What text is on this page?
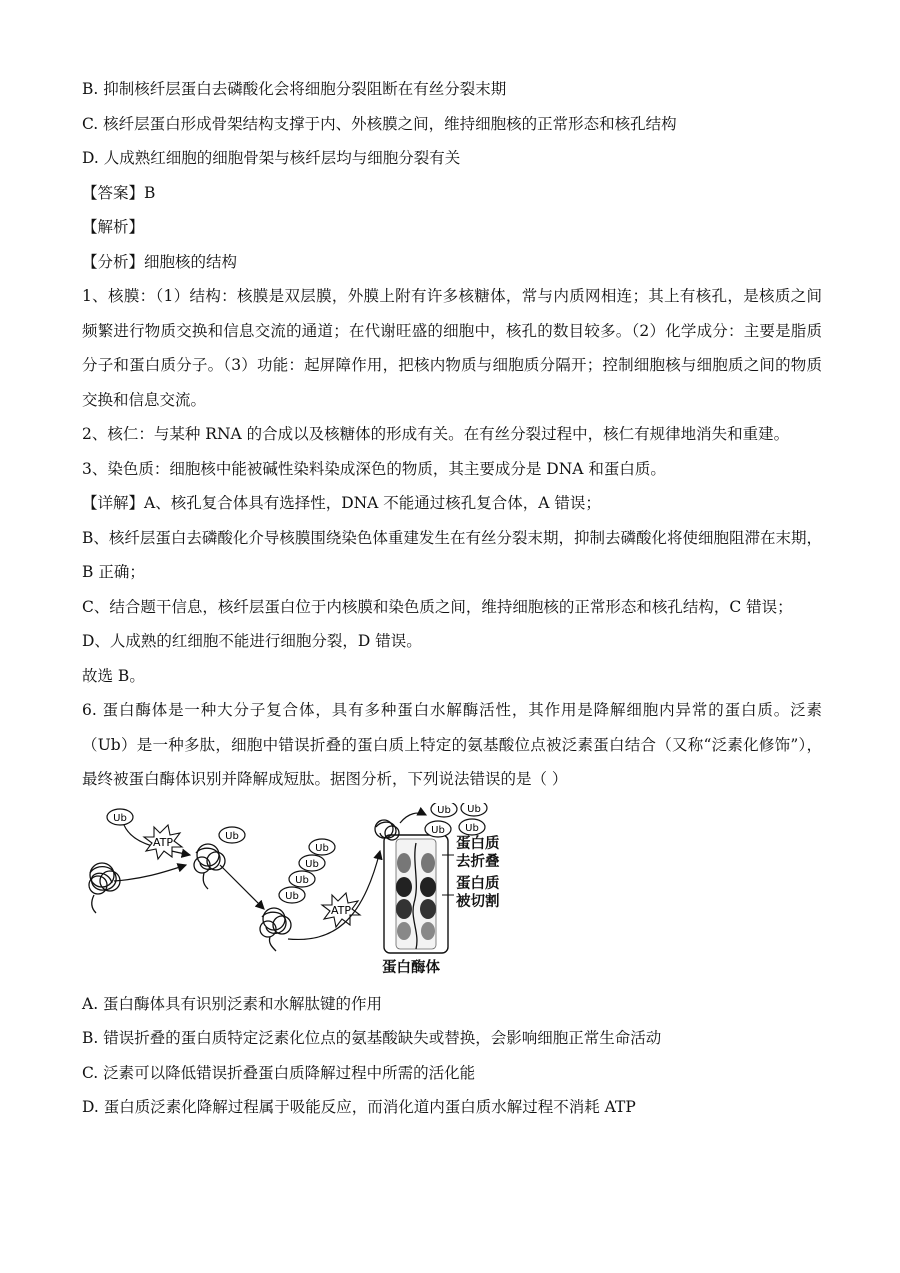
B. 抑制核纤层蛋白去磷酸化会将细胞分裂阻断在有丝分裂末期
C. 核纤层蛋白形成骨架结构支撑于内、外核膜之间，维持细胞核的正常形态和核孔结构
D. 人成熟红细胞的细胞骨架与核纤层均与细胞分裂有关
【答案】B
【解析】
【分析】细胞核的结构
1、核膜：（1）结构：核膜是双层膜，外膜上附有许多核糖体，常与内质网相连；其上有核孔，是核质之间频繁进行物质交换和信息交流的通道；在代谢旺盛的细胞中，核孔的数目较多。（2）化学成分：主要是脂质分子和蛋白质分子。（3）功能：起屏障作用，把核内物质与细胞质分隔开；控制细胞核与细胞质之间的物质交换和信息交流。
2、核仁：与某种 RNA 的合成以及核糖体的形成有关。在有丝分裂过程中，核仁有规律地消失和重建。
3、染色质：细胞核中能被碱性染料染成深色的物质，其主要成分是 DNA 和蛋白质。
【详解】A、核孔复合体具有选择性，DNA 不能通过核孔复合体，A 错误；
B、核纤层蛋白去磷酸化介导核膜围绕染色体重建发生在有丝分裂末期，抑制去磷酸化将使细胞阻滞在末期，B 正确；
C、结合题干信息，核纤层蛋白位于内核膜和染色质之间，维持细胞核的正常形态和核孔结构，C 错误；
D、人成熟的红细胞不能进行细胞分裂，D 错误。
故选 B。
6. 蛋白酶体是一种大分子复合体，具有多种蛋白水解酶活性，其作用是降解细胞内异常的蛋白质。泛素（Ub）是一种多肽，细胞中错误折叠的蛋白质上特定的氨基酸位点被泛素蛋白结合（又称“泛素化修饰”），最终被蛋白酶体识别并降解成短肽。据图分析，下列说法错误的是（ ）
Ub
ATP	Ub
Ub
Ub
Ub
Ub
ATP
Ub Ub
Ub Ub
蛋白质
去折叠
蛋白质
被切割
蛋白酶体
A. 蛋白酶体具有识别泛素和水解肽键的作用
B. 错误折叠的蛋白质特定泛素化位点的氨基酸缺失或替换，会影响细胞正常生命活动
C. 泛素可以降低错误折叠蛋白质降解过程中所需的活化能
D. 蛋白质泛素化降解过程属于吸能反应，而消化道内蛋白质水解过程不消耗 ATP
